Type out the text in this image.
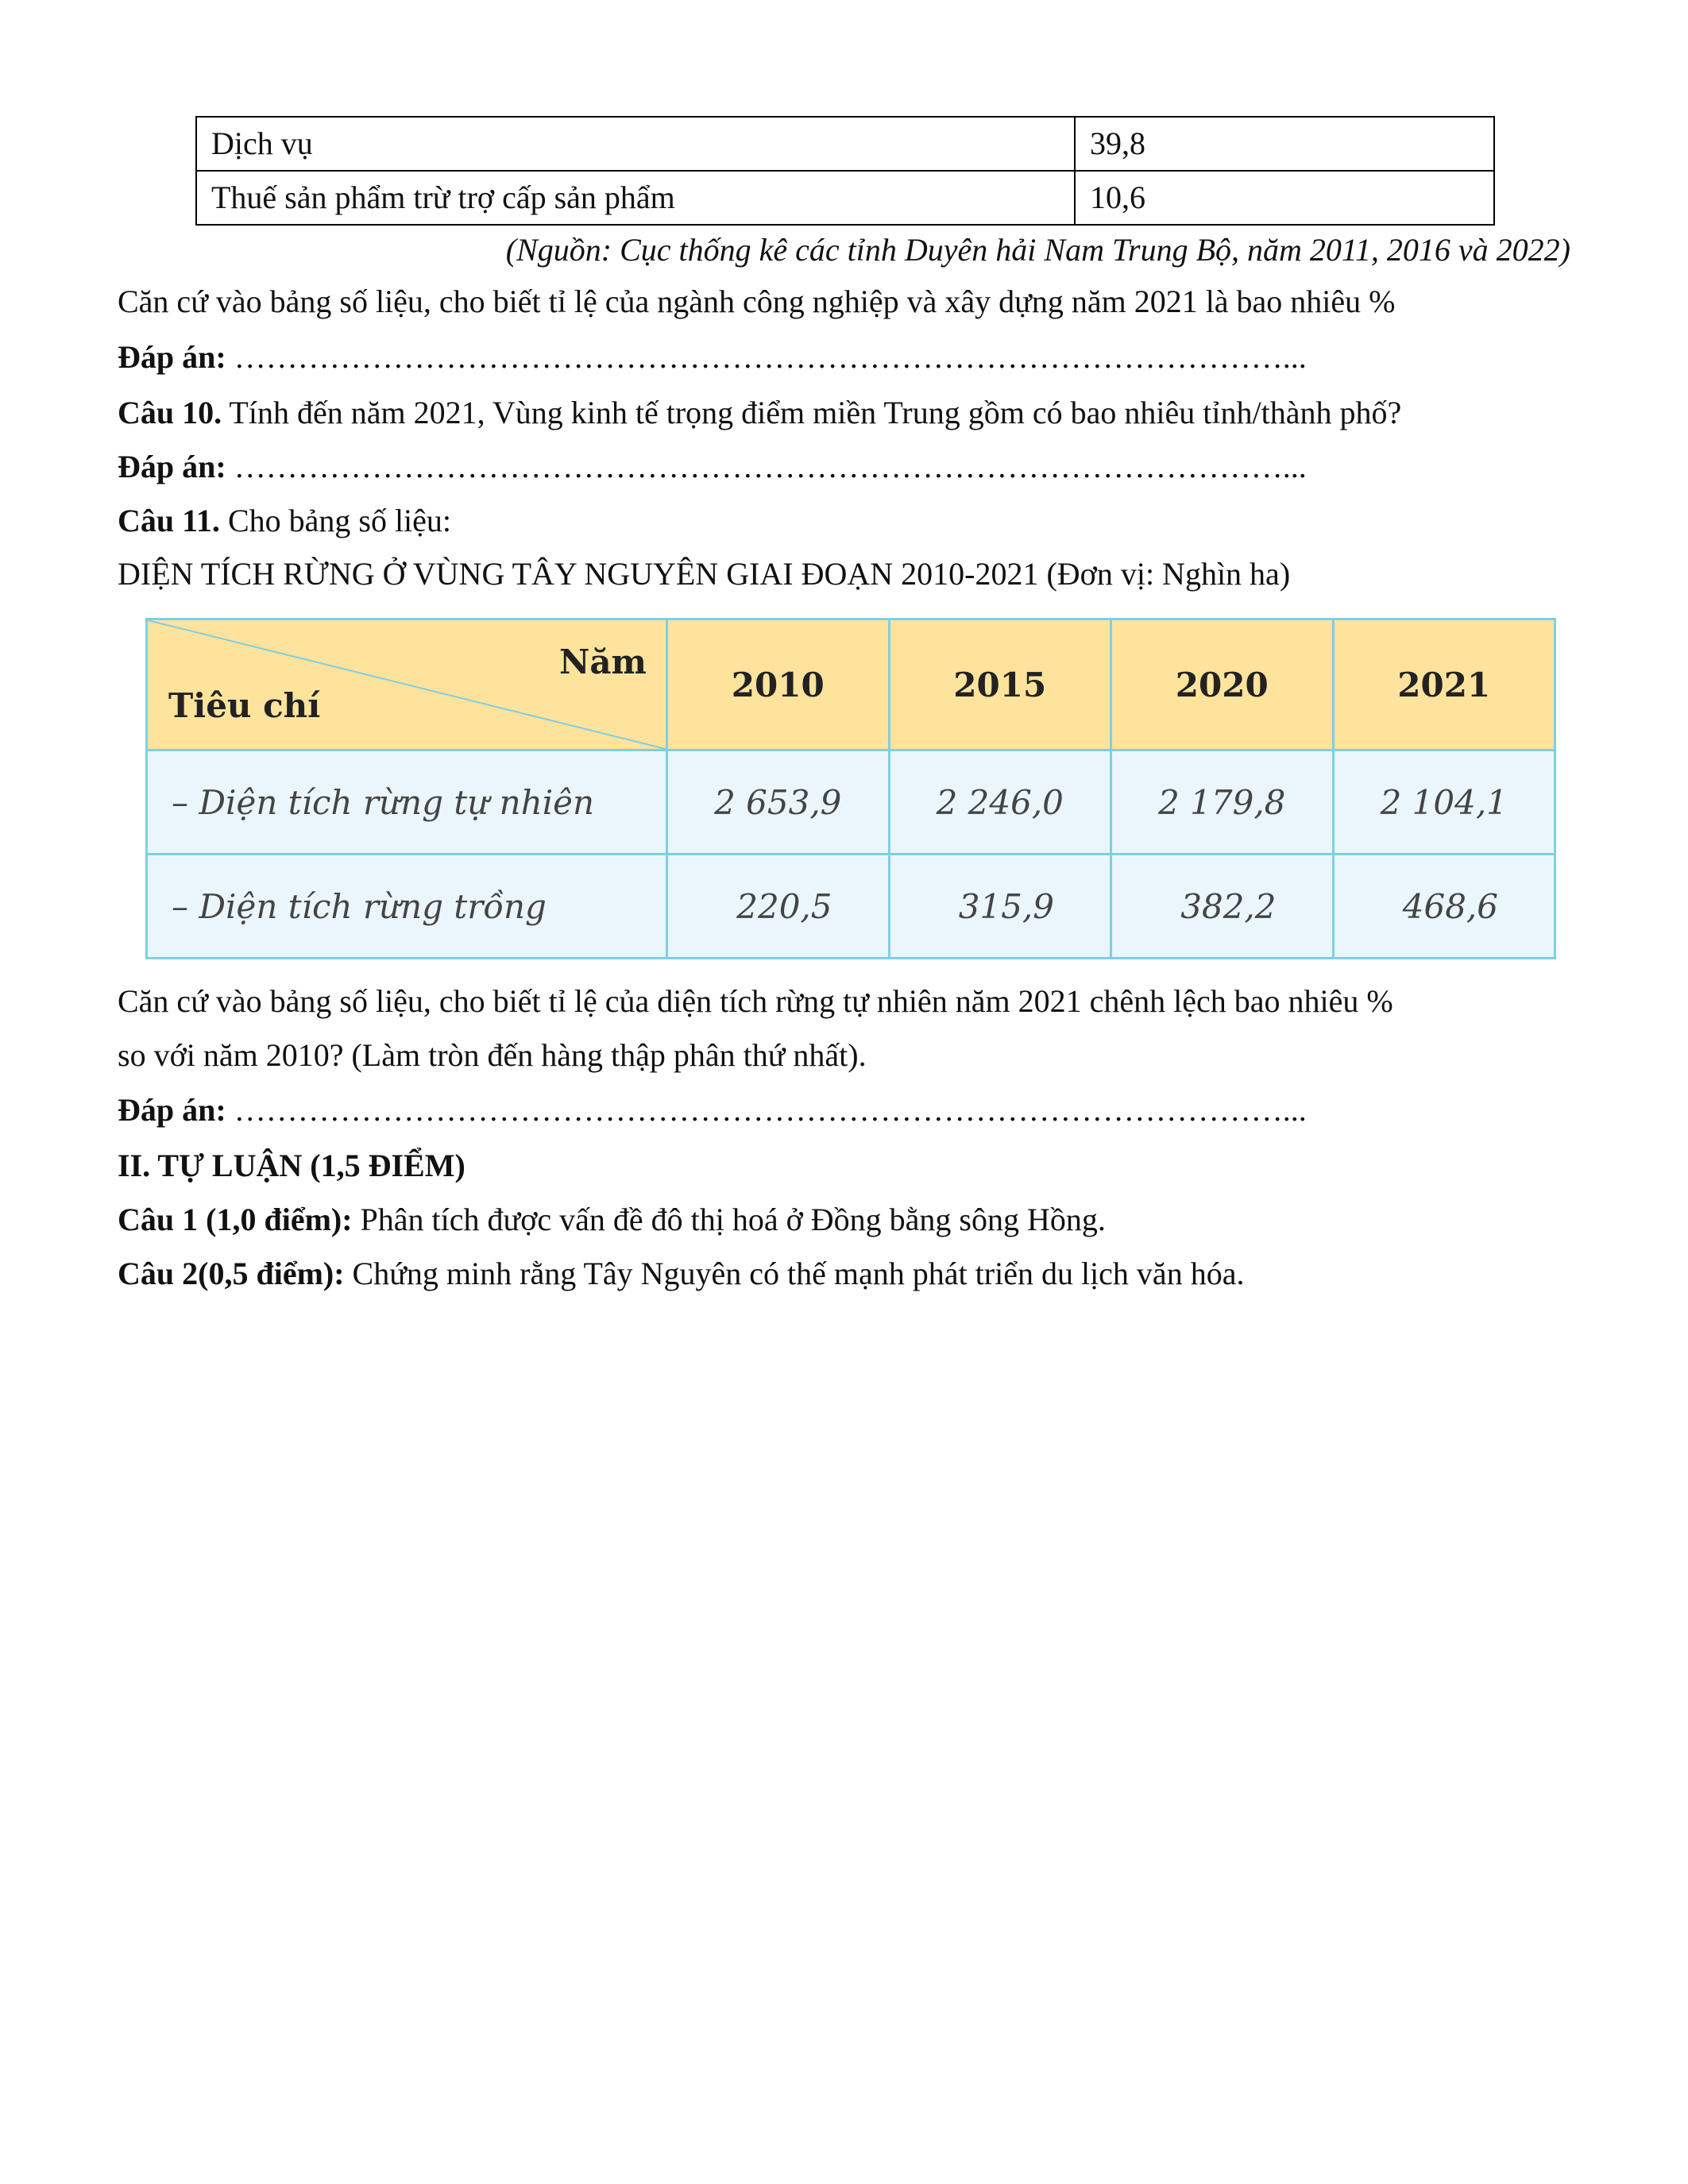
Dịch vụ	39,8
Thuế sản phẩm trừ trợ cấp sản phẩm	10,6
(Nguồn: Cục thống kê các tỉnh Duyên hải Nam Trung Bộ, năm 2011, 2016 và 2022)
Căn cứ vào bảng số liệu, cho biết tỉ lệ của ngành công nghiệp và xây dựng năm 2021 là bao nhiêu %
Đáp án: ………………………………………………………………………………………...
Câu 10. Tính đến năm 2021, Vùng kinh tế trọng điểm miền Trung gồm có bao nhiêu tỉnh/thành phố?
Đáp án: ………………………………………………………………………………………...
Câu 11. Cho bảng số liệu:
DIỆN TÍCH RỪNG Ở VÙNG TÂY NGUYÊN GIAI ĐOẠN 2010-2021 (Đơn vị: Nghìn ha)
Năm
Tiêu chí	2010	2015	2020	2021
– Diện tích rừng tự nhiên	2 653,9	2 246,0	2 179,8	2 104,1
– Diện tích rừng trồng	220,5	315,9	382,2	468,6
Căn cứ vào bảng số liệu, cho biết tỉ lệ của diện tích rừng tự nhiên năm 2021 chênh lệch bao nhiêu %
so với năm 2010? (Làm tròn đến hàng thập phân thứ nhất).
Đáp án: ………………………………………………………………………………………...
II. TỰ LUẬN (1,5 ĐIỂM)
Câu 1 (1,0 điểm): Phân tích được vấn đề đô thị hoá ở Đồng bằng sông Hồng.
Câu 2(0,5 điểm): Chứng minh rằng Tây Nguyên có thế mạnh phát triển du lịch văn hóa.
